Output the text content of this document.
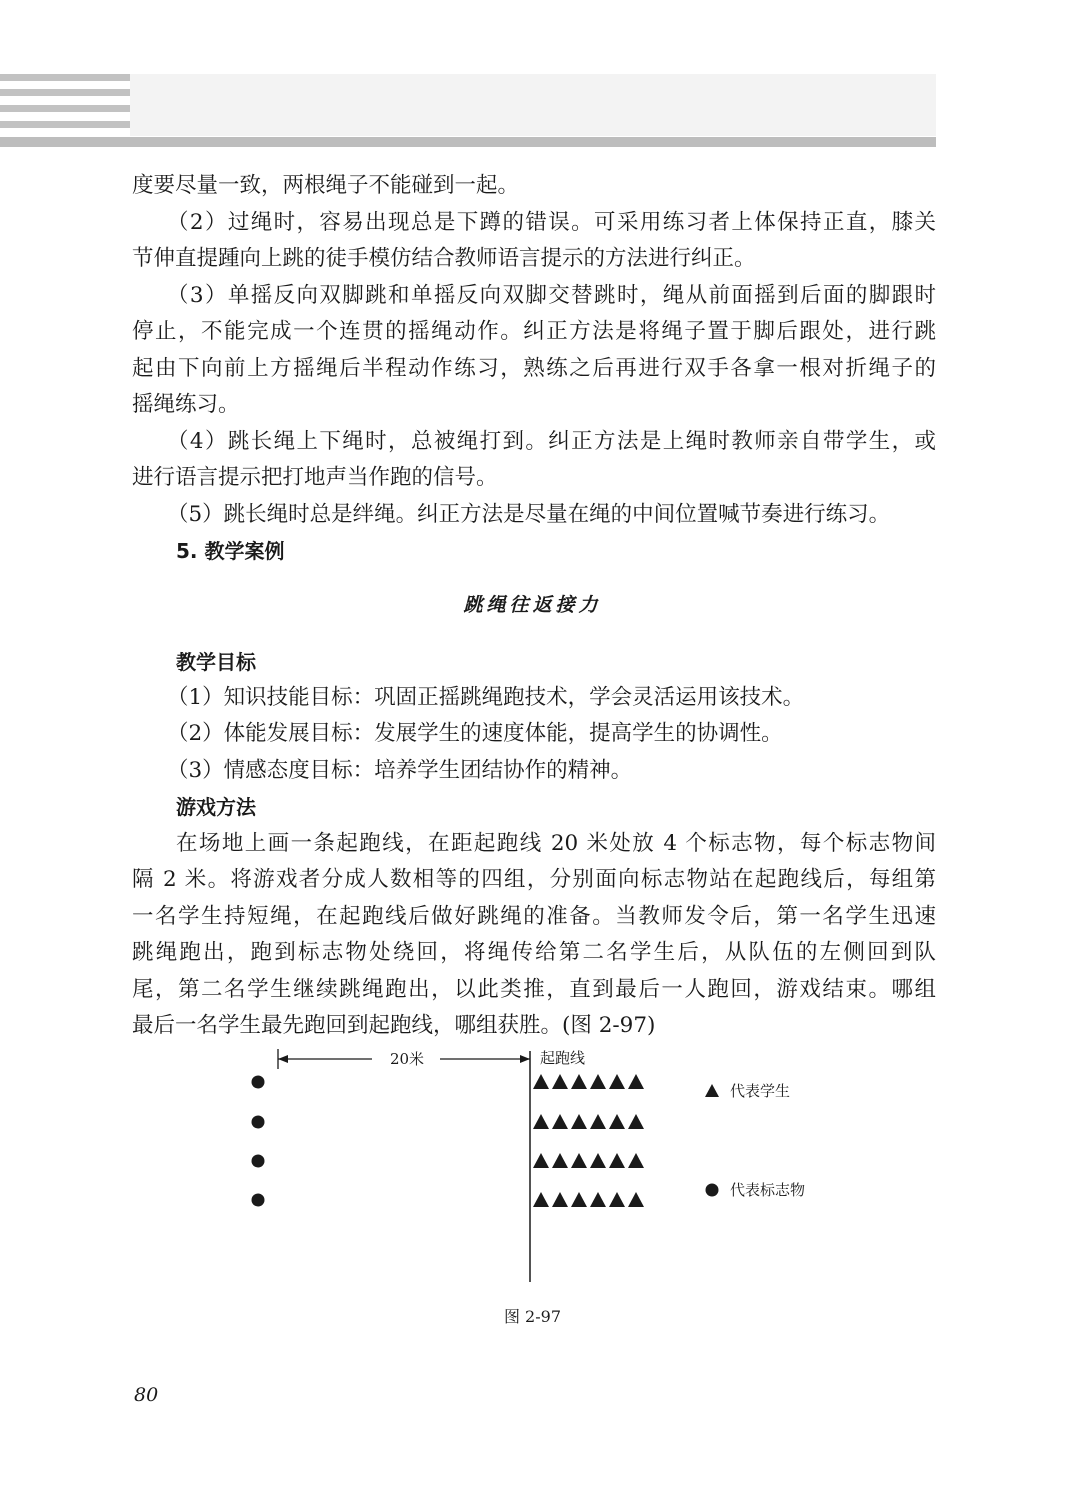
度要尽量一致，两根绳子不能碰到一起。
（2）过绳时，容易出现总是下蹲的错误。可采用练习者上体保持正直，膝关
节伸直提踵向上跳的徒手模仿结合教师语言提示的方法进行纠正。
（3）单摇反向双脚跳和单摇反向双脚交替跳时，绳从前面摇到后面的脚跟时
停止，不能完成一个连贯的摇绳动作。纠正方法是将绳子置于脚后跟处，进行跳
起由下向前上方摇绳后半程动作练习，熟练之后再进行双手各拿一根对折绳子的
摇绳练习。
（4）跳长绳上下绳时，总被绳打到。纠正方法是上绳时教师亲自带学生，或
进行语言提示把打地声当作跑的信号。
（5）跳长绳时总是绊绳。纠正方法是尽量在绳的中间位置喊节奏进行练习。
5. 教学案例
跳绳往返接力
教学目标
（1）知识技能目标：巩固正摇跳绳跑技术，学会灵活运用该技术。
（2）体能发展目标：发展学生的速度体能，提高学生的协调性。
（3）情感态度目标：培养学生团结协作的精神。
游戏方法
在场地上画一条起跑线，在距起跑线 20 米处放 4 个标志物，每个标志物间
隔 2 米。将游戏者分成人数相等的四组，分别面向标志物站在起跑线后，每组第
一名学生持短绳，在起跑线后做好跳绳的准备。当教师发令后，第一名学生迅速
跳绳跑出，跑到标志物处绕回，将绳传给第二名学生后，从队伍的左侧回到队
尾，第二名学生继续跳绳跑出，以此类推，直到最后一人跑回，游戏结束。哪组
最后一名学生最先跑回到起跑线，哪组获胜。(图 2-97)
20米	起跑线
代表学生
代表标志物
图 2-97
80
